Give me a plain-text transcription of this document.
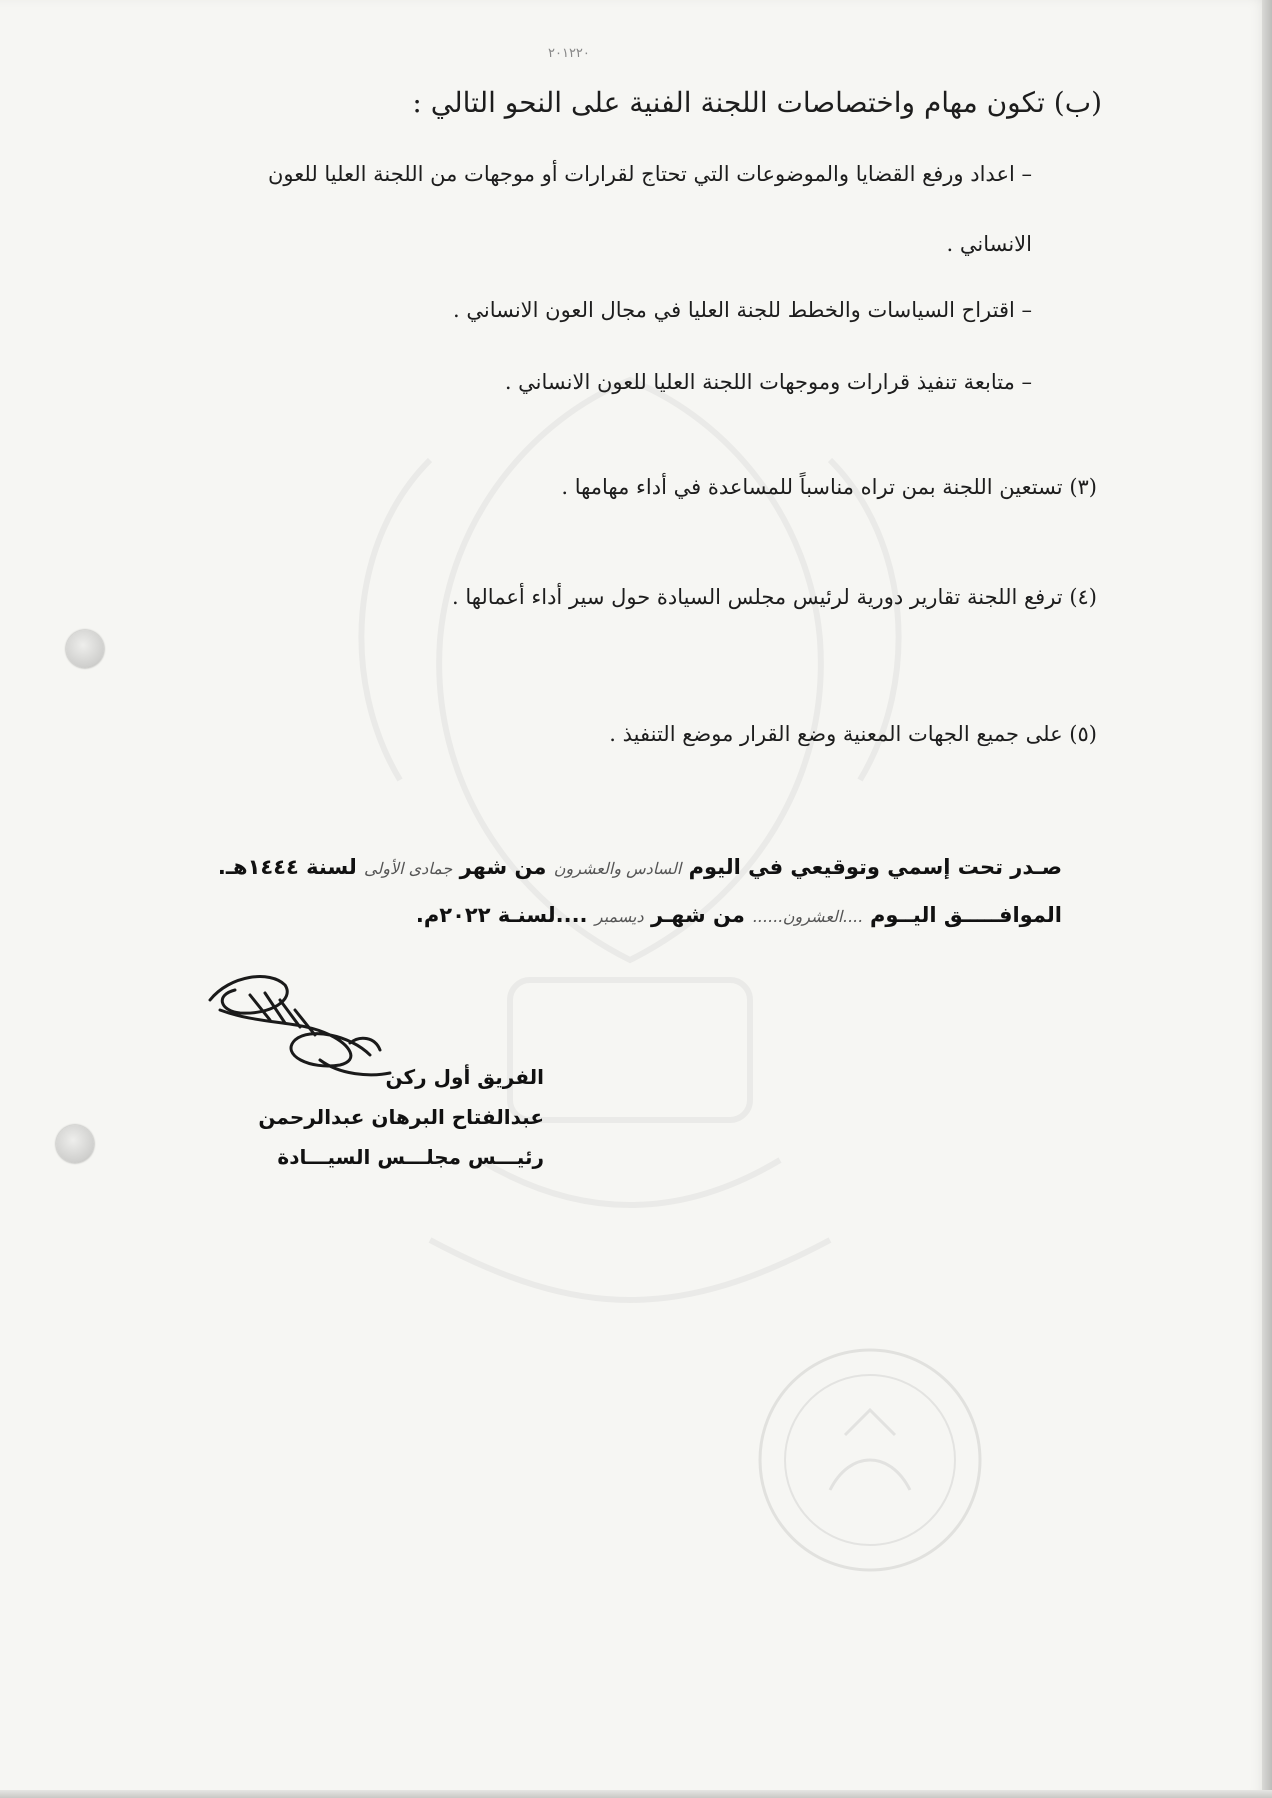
٢٠١٢٢٠
(ب) تكون مهام واختصاصات اللجنة الفنية على النحو التالي :
– اعداد ورفع القضايا والموضوعات التي تحتاج لقرارات أو موجهات من اللجنة العليا للعون
الانساني .
– اقتراح السياسات والخطط للجنة العليا في مجال العون الانساني .
– متابعة تنفيذ قرارات وموجهات اللجنة العليا للعون الانساني .
(٣) تستعين اللجنة بمن تراه مناسباً للمساعدة في أداء مهامها .
(٤) ترفع اللجنة تقارير دورية لرئيس مجلس السيادة حول سير أداء أعمالها .
(٥) على جميع الجهات المعنية وضع القرار موضع التنفيذ .
صـدر تحت إسمي وتوقيعي في اليوم السادس والعشرون من شهر جمادى الأولى لسنة ١٤٤٤هـ.
الموافـــــق اليــوم ....العشرون...... من شهـر ديسمبر ....لسنـة ٢٠٢٢م.
الفريق أول ركن
عبدالفتاح البرهان عبدالرحمن
رئيـــس مجلـــس السيـــادة
